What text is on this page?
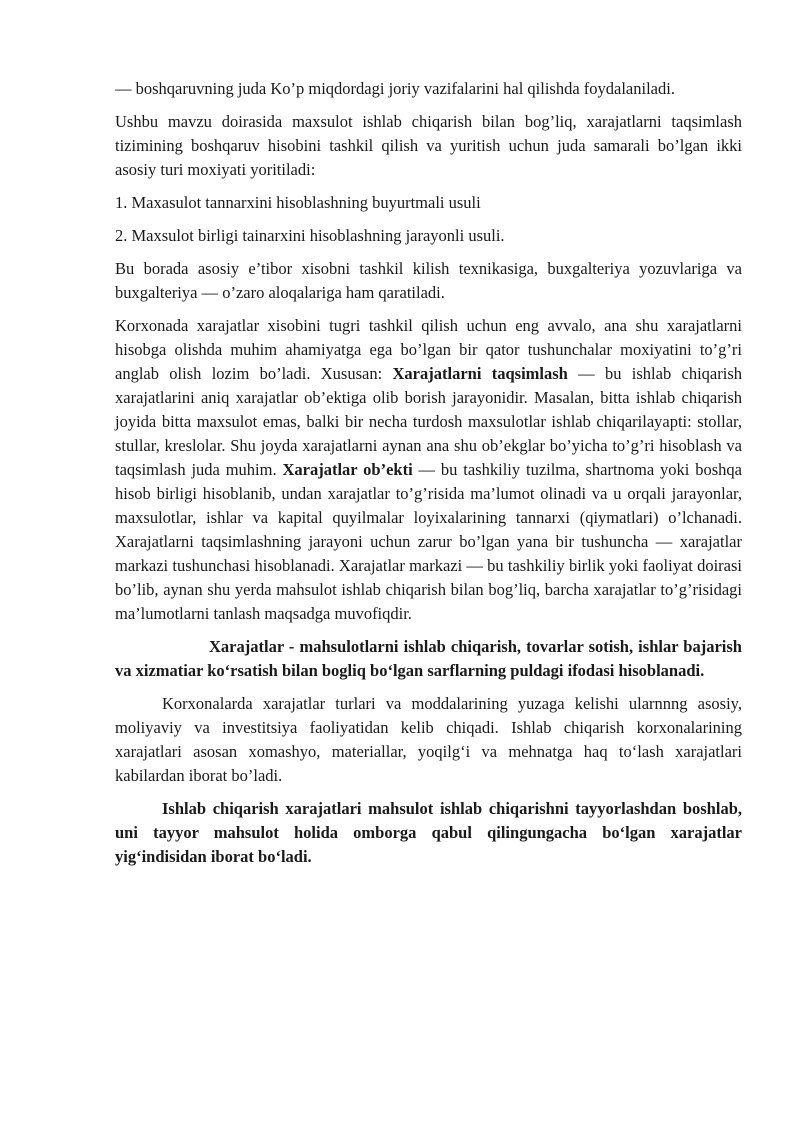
— boshqaruvning juda Ko’p miqdordagi joriy vazifalarini hal qilishda foydalaniladi.

Ushbu mavzu doirasida maxsulot ishlab chiqarish bilan bog’liq, xarajatlarni taqsimlash tizimining boshqaruv hisobini tashkil qilish va yuritish uchun juda samarali bo’lgan ikki asosiy turi moxiyati yoritiladi:

1. Maxasulot tannarxini hisoblashning buyurtmali usuli

2. Maxsulot birligi tainarxini hisoblashning jarayonli usuli.

Bu borada asosiy e’tibor xisobni tashkil kilish texnikasiga, buxgalteriya yozuvlariga va buxgalteriya — o’zaro aloqalariga ham qaratiladi.

Korxonada xarajatlar xisobini tugri tashkil qilish uchun eng avvalo, ana shu xarajatlarni hisobga olishda muhim ahamiyatga ega bo’lgan bir qator tushunchalar moxiyatini to’g’ri anglab olish lozim bo’ladi. Xususan: Xarajatlarni taqsimlash — bu ishlab chiqarish xarajatlarini aniq xarajatlar ob’ektiga olib borish jarayonidir. Masalan, bitta ishlab chiqarish joyida bitta maxsulot emas, balki bir necha turdosh maxsulotlar ishlab chiqarilayapti: stollar, stullar, kreslolar. Shu joyda xarajatlarni aynan ana shu ob’ekglar bo’yicha to’g’ri hisoblash va taqsimlash juda muhim. Xarajatlar ob’ekti — bu tashkiliy tuzilma, shartnoma yoki boshqa hisob birligi hisoblanib, undan xarajatlar to’g’risida ma’lumot olinadi va u orqali jarayonlar, maxsulotlar, ishlar va kapital quyilmalar loyixalarining tannarxi (qiymatlari) o’lchanadi. Xarajatlarni taqsimlashning jarayoni uchun zarur bo’lgan yana bir tushuncha — xarajatlar markazi tushunchasi hisoblanadi. Xarajatlar markazi — bu tashkiliy birlik yoki faoliyat doirasi bo’lib, aynan shu yerda mahsulot ishlab chiqarish bilan bog’liq, barcha xarajatlar to’g’risidagi ma’lumotlarni tanlash maqsadga muvofiqdir.

Xarajatlar - mahsulotlarni ishlab chiqarish, tovarlar sotish, ishlar bajarish va xizmatiar ko‘rsatish bilan bogliq bo‘lgan sarflarning puldagi ifodasi hisoblanadi.

Korxonalarda xarajatlar turlari va moddalarining yuzaga kelishi ularnnng asosiy, moliyaviy va investitsiya faoliyatidan kelib chiqadi. Ishlab chiqarish korxonalarining xarajatlari asosan xomashyo, materiallar, yoqilg‘i va mehnatga haq to‘lash xarajatlari kabilardan iborat bo’ladi.

Ishlab chiqarish xarajatlari mahsulot ishlab chiqarishni tayyorlashdan boshlab, uni tayyor mahsulot holida omborga qabul qilingungacha bo‘lgan xarajatlar yig‘indisidan iborat bo‘ladi.
